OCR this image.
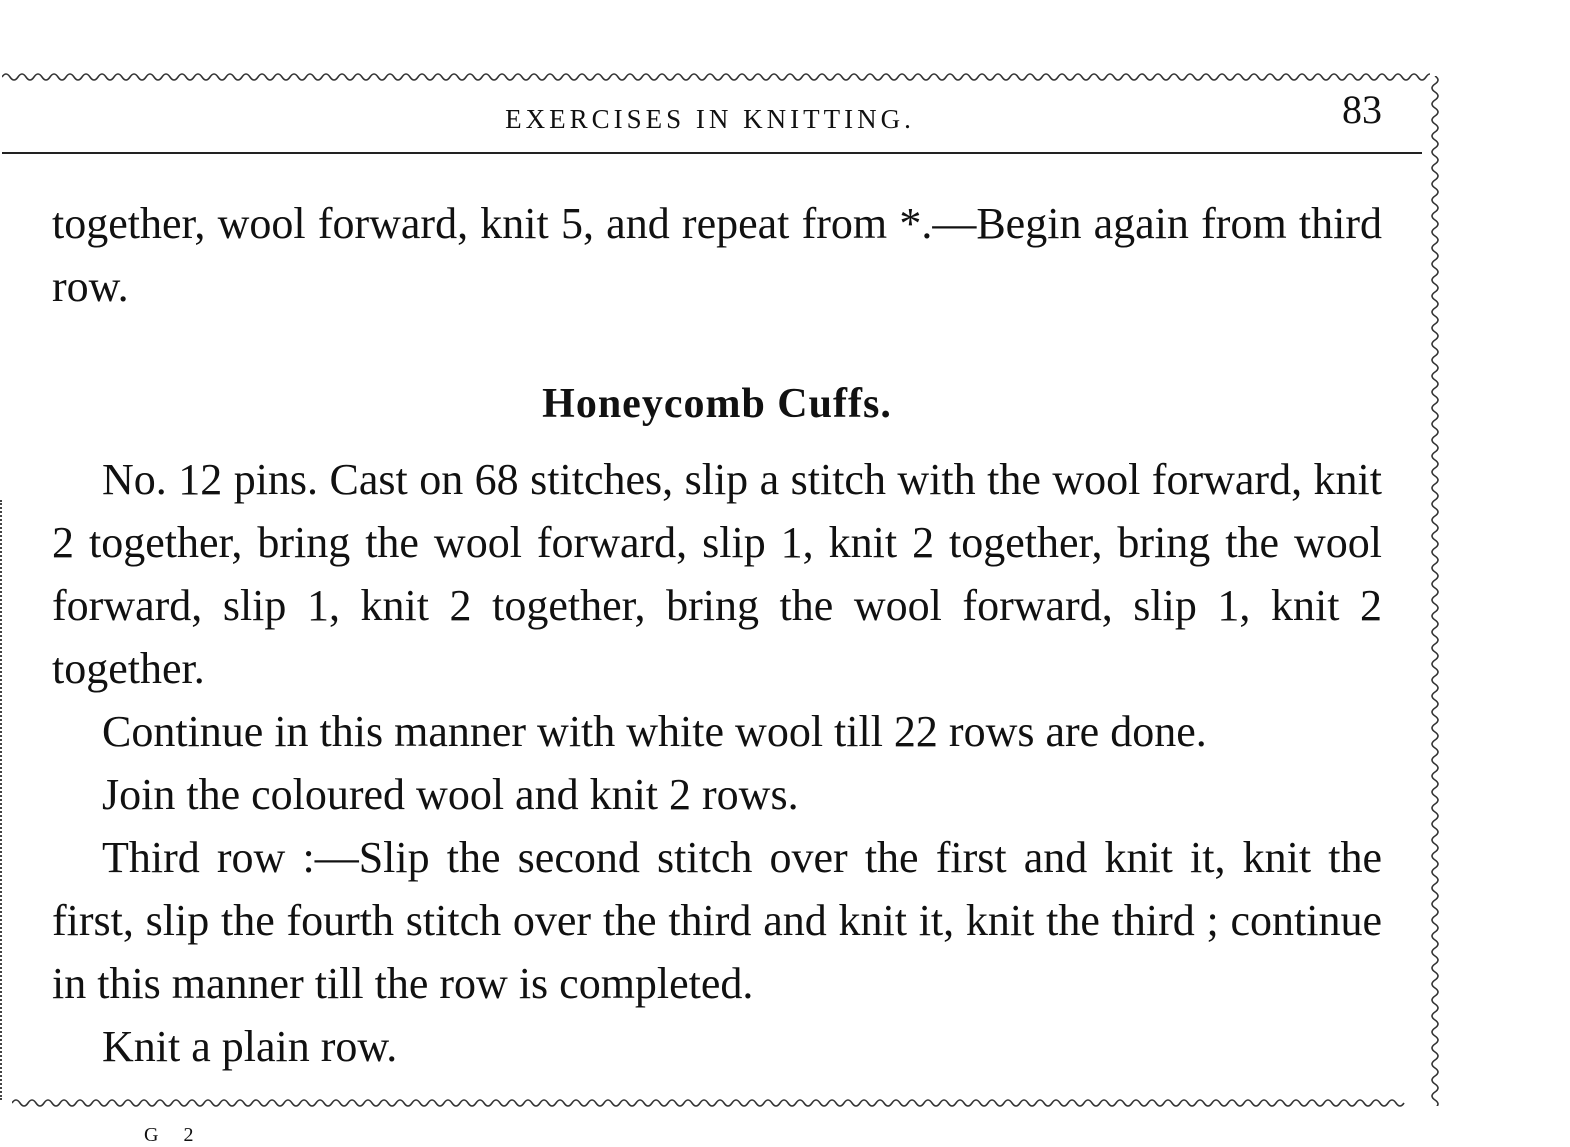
EXERCISES IN KNITTING.	83

together, wool forward, knit 5, and repeat from *.—Begin again from third row.

Honeycomb Cuffs.

No. 12 pins. Cast on 68 stitches, slip a stitch with the wool forward, knit 2 together, bring the wool forward, slip 1, knit 2 together, bring the wool forward, slip 1, knit 2 together, bring the wool forward, slip 1, knit 2 together.

Continue in this manner with white wool till 22 rows are done.

Join the coloured wool and knit 2 rows.

Third row :—Slip the second stitch over the first and knit it, knit the first, slip the fourth stitch over the third and knit it, knit the third ; continue in this manner till the row is completed.

Knit a plain row.

G 2
